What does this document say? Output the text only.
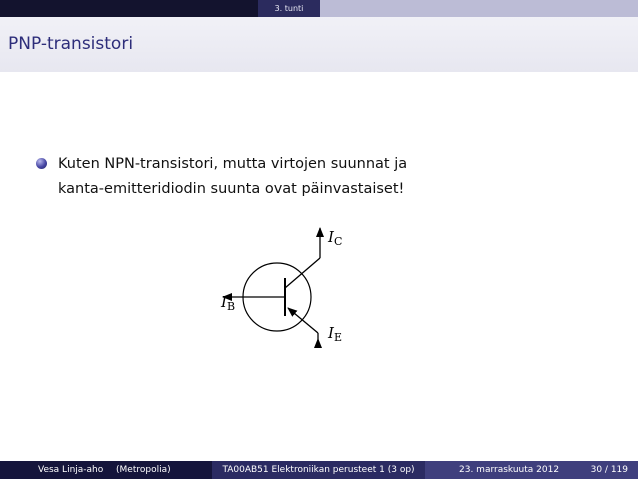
3. tunti
PNP-transistori
Kuten NPN-transistori, mutta virtojen suunnat ja
kanta-emitteridiodin suunta ovat päinvastaiset!
$I_C$
$I_B$
$I_E$
Vesa Linja-aho (Metropolia)	TA00AB51 Elektroniikan perusteet 1 (3 op)	23. marraskuuta 2012	30 / 119
